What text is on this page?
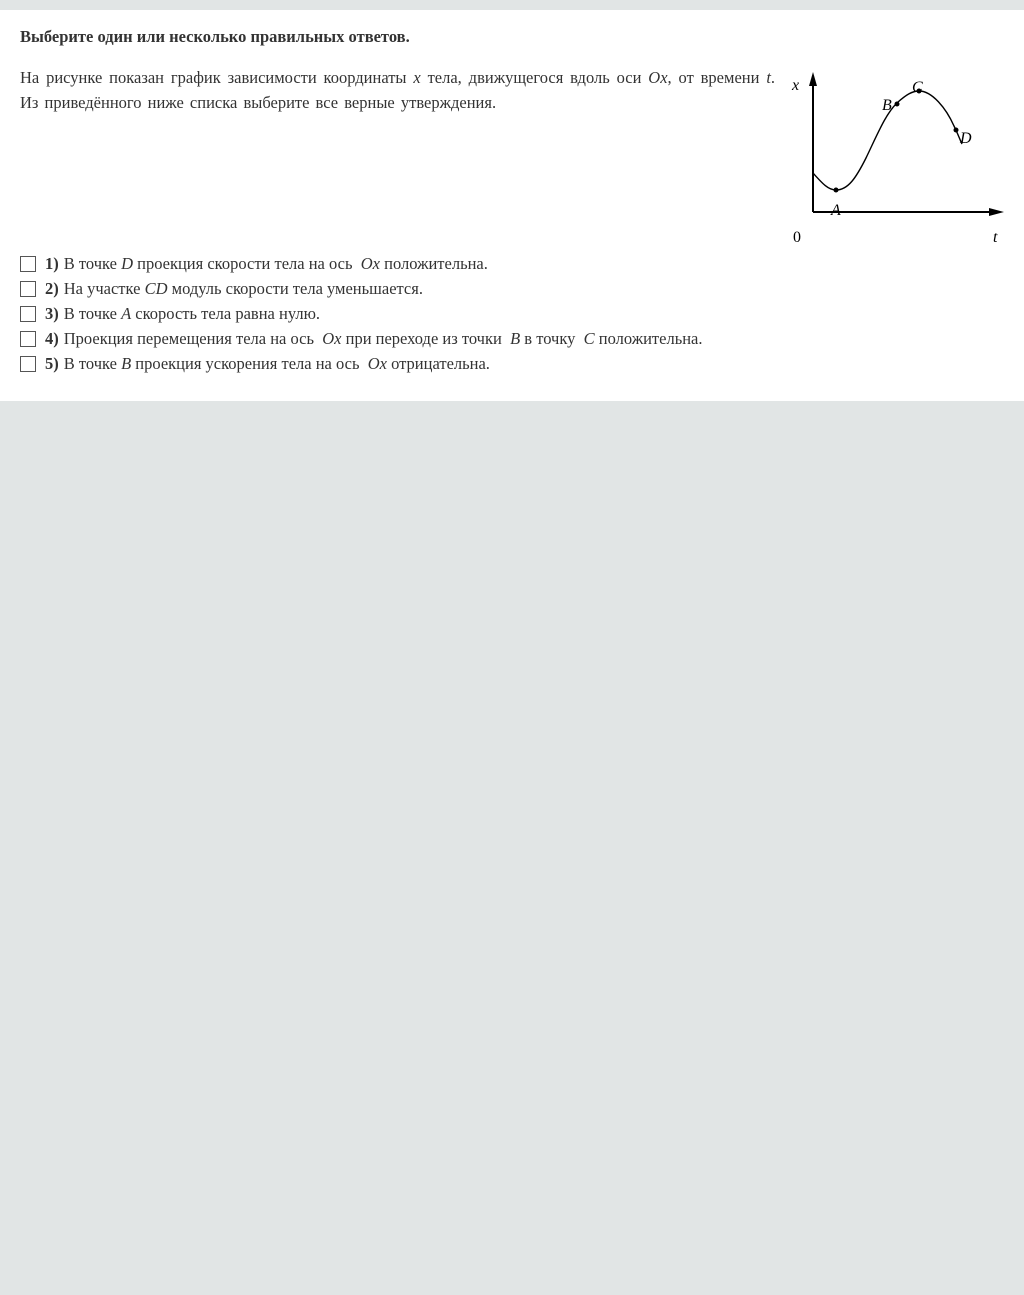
Выберите один или несколько правильных ответов.

На рисунке показан график зависимости координаты x тела, движущегося вдоль оси Ox, от времени t. Из приведённого ниже списка выберите все верные утверждения.

x
t
0
A
B
C
D
1) В точке
D
проекция скорости тела на ось
Ox
положительна.
2) На участке
CD
модуль скорости тела уменьшается.
3) В точке
A
скорость тела равна нулю.
4) Проекция перемещения тела на ось
Ox
при переходе из точки
B
в точку
C
положительна.
5) В точке
B
проекция ускорения тела на ось
Ox
отрицательна.
